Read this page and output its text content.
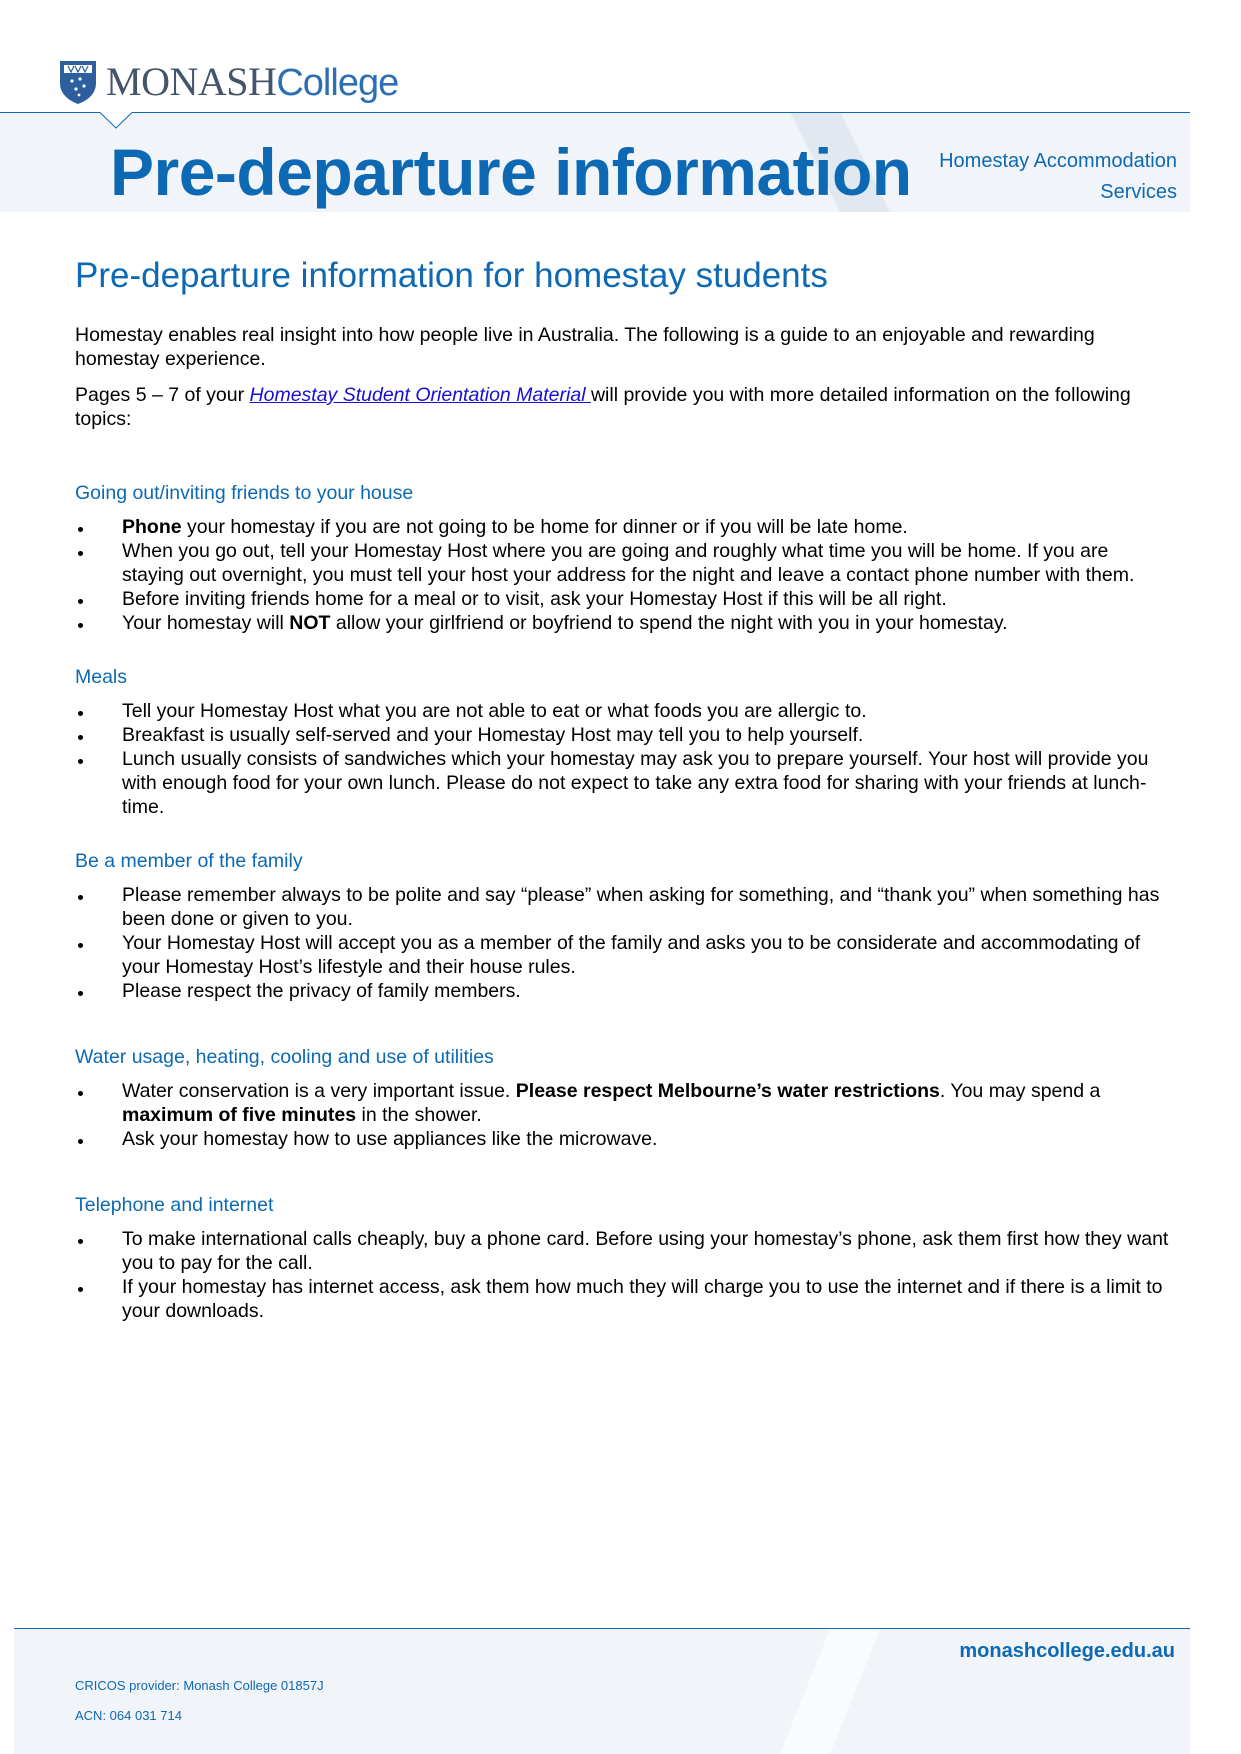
MONASHCollege
Pre-departure information	Homestay Accommodation
Services
Pre-departure information for homestay students

Homestay enables real insight into how people live in Australia. The following is a guide to an enjoyable and rewarding homestay experience.

Pages 5 – 7 of your Homestay Student Orientation Material will provide you with more detailed information on the following topics:

Going out/inviting friends to your house
Phone your homestay if you are not going to be home for dinner or if you will be late home.
When you go out, tell your Homestay Host where you are going and roughly what time you will be home. If you are staying out overnight, you must tell your host your address for the night and leave a contact phone number with them.
Before inviting friends home for a meal or to visit, ask your Homestay Host if this will be all right.
Your homestay will NOT allow your girlfriend or boyfriend to spend the night with you in your homestay.
Meals
Tell your Homestay Host what you are not able to eat or what foods you are allergic to.
Breakfast is usually self-served and your Homestay Host may tell you to help yourself.
Lunch usually consists of sandwiches which your homestay may ask you to prepare yourself. Your host will provide you with enough food for your own lunch. Please do not expect to take any extra food for sharing with your friends at lunch-time.
Be a member of the family
Please remember always to be polite and say “please” when asking for something, and “thank you” when something has been done or given to you.
Your Homestay Host will accept you as a member of the family and asks you to be considerate and accommodating of your Homestay Host’s lifestyle and their house rules.
Please respect the privacy of family members.
Water usage, heating, cooling and use of utilities
Water conservation is a very important issue. Please respect Melbourne’s water restrictions. You may spend a maximum of five minutes in the shower.
Ask your homestay how to use appliances like the microwave.
Telephone and internet
To make international calls cheaply, buy a phone card. Before using your homestay’s phone, ask them first how they want you to pay for the call.
If your homestay has internet access, ask them how much they will charge you to use the internet and if there is a limit to your downloads.
monashcollege.edu.au
CRICOS provider: Monash College 01857J
ACN: 064 031 714
